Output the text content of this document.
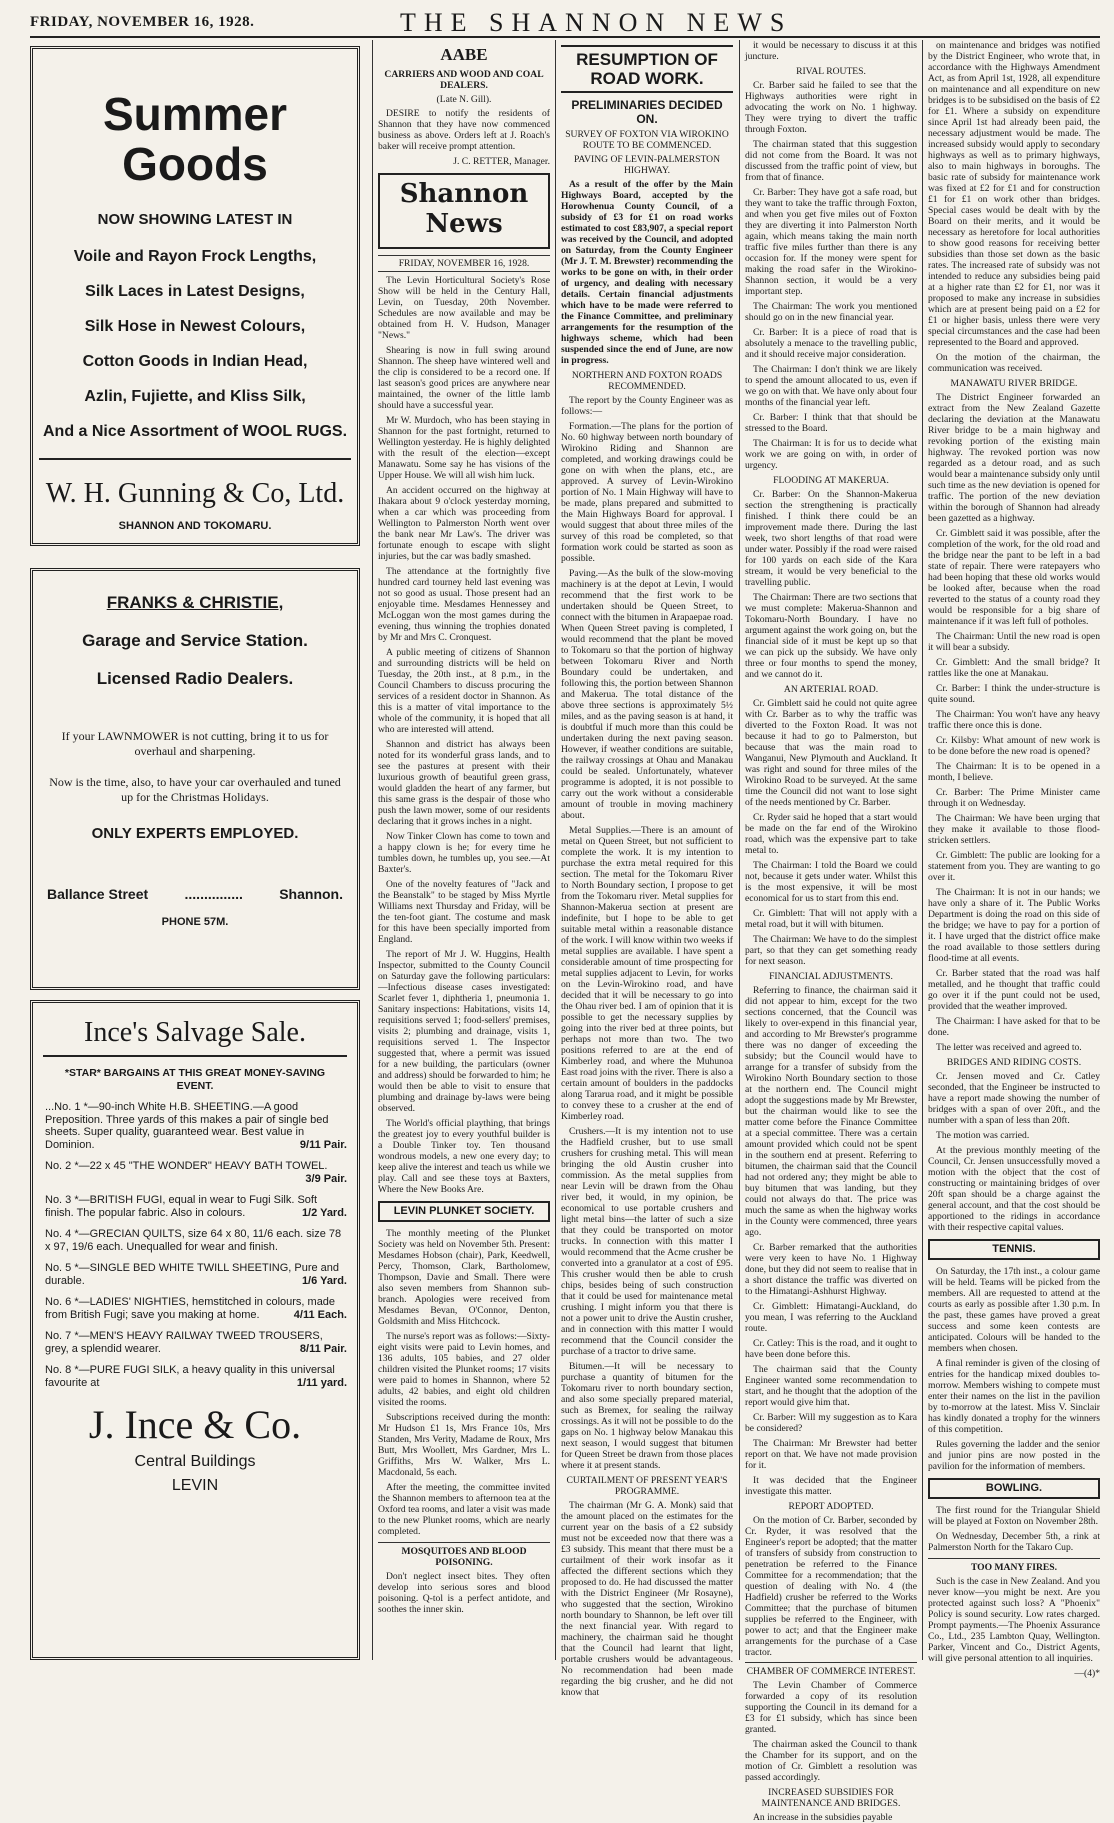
FRIDAY, NOVEMBER 16, 1928.	THE SHANNON NEWS

Summer Goods

NOW SHOWING LATEST IN

Voile and Rayon Frock Lengths,

Silk Laces in Latest Designs,

Silk Hose in Newest Colours,

Cotton Goods in Indian Head,

Azlin, Fujiette, and Kliss Silk,

And a Nice Assortment of WOOL RUGS.

W. H. Gunning & Co, Ltd.

SHANNON AND TOKOMARU.

FRANKS & CHRISTIE,

Garage and Service Station.

Licensed Radio Dealers.

If your LAWNMOWER is not cutting, bring it to us for overhaul and sharpening.

Now is the time, also, to have your car overhauled and tuned up for the Christmas Holidays.

ONLY EXPERTS EMPLOYED.

Ballance Street	...............	Shannon.

PHONE 57M.

Ince's Salvage Sale.

*STAR* BARGAINS AT THIS GREAT MONEY-SAVING EVENT.

...No. 1 *—90-inch White H.B. SHEETING.—A good Preposition. Three yards of this makes a pair of single bed sheets. Super quality, guaranteed wear. Best value in Dominion.	9/11 Pair.
No. 2 *—22 x 45 "THE WONDER" HEAVY BATH TOWEL.
3/9 Pair.
No. 3 *—BRITISH FUGI, equal in wear to Fugi Silk. Soft finish. The popular fabric. Also in colours.	1/2 Yard.
No. 4 *—GRECIAN QUILTS, size 64 x 80, 11/6 each. size 78 x 97, 19/6 each. Unequalled for wear and finish.
No. 5 *—SINGLE BED WHITE TWILL SHEETING, Pure and durable.	1/6 Yard.
No. 6 *—LADIES' NIGHTIES, hemstitched in colours, made from British Fugi; save you making at home.	4/11 Each.
No. 7 *—MEN'S HEAVY RAILWAY TWEED TROUSERS, grey, a splendid wearer.	8/11 Pair.
No. 8 *—PURE FUGI SILK, a heavy quality in this universal favourite at	1/11 yard.

J. Ince & Co.

Central Buildings

LEVIN

AABE

CARRIERS AND WOOD AND COAL DEALERS.

(Late N. Gill).

DESIRE to notify the residents of Shannon that they have now commenced business as above. Orders left at J. Roach's baker will receive prompt attention.

J. C. RETTER, Manager.

Shannon News

FRIDAY, NOVEMBER 16, 1928.

The Levin Horticultural Society's Rose Show will be held in the Century Hall, Levin, on Tuesday, 20th November. Schedules are now available and may be obtained from H. V. Hudson, Manager "News."

Shearing is now in full swing around Shannon. The sheep have wintered well and the clip is considered to be a record one. If last season's good prices are anywhere near maintained, the owner of the little lamb should have a successful year.

Mr W. Murdoch, who has been staying in Shannon for the past fortnight, returned to Wellington yesterday. He is highly delighted with the result of the election—except Manawatu. Some say he has visions of the Upper House. We will all wish him luck.

An accident occurred on the highway at Ihakara about 9 o'clock yesterday morning, when a car which was proceeding from Wellington to Palmerston North went over the bank near Mr Law's. The driver was fortunate enough to escape with slight injuries, but the car was badly smashed.

The attendance at the fortnightly five hundred card tourney held last evening was not so good as usual. Those present had an enjoyable time. Mesdames Hennessey and McLoggan won the most games during the evening, thus winning the trophies donated by Mr and Mrs C. Cronquest.

A public meeting of citizens of Shannon and surrounding districts will be held on Tuesday, the 20th inst., at 8 p.m., in the Council Chambers to discuss procuring the services of a resident doctor in Shannon. As this is a matter of vital importance to the whole of the community, it is hoped that all who are interested will attend.

Shannon and district has always been noted for its wonderful grass lands, and to see the pastures at present with their luxurious growth of beautiful green grass, would gladden the heart of any farmer, but this same grass is the despair of those who push the lawn mower, some of our residents declaring that it grows inches in a night.

Now Tinker Clown has come to town and a happy clown is he; for every time he tumbles down, he tumbles up, you see.—At Baxter's.

One of the novelty features of "Jack and the Beanstalk" to be staged by Miss Myrtle Williams next Thursday and Friday, will be the ten-foot giant. The costume and mask for this have been specially imported from England.

The report of Mr J. W. Huggins, Health Inspector, submitted to the County Council on Saturday gave the following particulars:—Infectious disease cases investigated: Scarlet fever 1, diphtheria 1, pneumonia 1. Sanitary inspections: Habitations, visits 14, requisitions served 1; food-sellers' premises, visits 2; plumbing and drainage, visits 1, requisitions served 1. The Inspector suggested that, where a permit was issued for a new building, the particulars (owner and address) should be forwarded to him; he would then be able to visit to ensure that plumbing and drainage by-laws were being observed.

The World's official plaything, that brings the greatest joy to every youthful builder is a Double Tinker toy. Ten thousand wondrous models, a new one every day; to keep alive the interest and teach us while we play. Call and see these toys at Baxters, Where the New Books Are.

LEVIN PLUNKET SOCIETY.

The monthly meeting of the Plunket Society was held on November 5th. Present: Mesdames Hobson (chair), Park, Keedwell, Percy, Thomson, Clark, Bartholomew, Thompson, Davie and Small. There were also seven members from Shannon sub-branch. Apologies were received from Mesdames Bevan, O'Connor, Denton, Goldsmith and Miss Hitchcock.

The nurse's report was as follows:—Sixty-eight visits were paid to Levin homes, and 136 adults, 105 babies, and 27 older children visited the Plunket rooms; 17 visits were paid to homes in Shannon, where 52 adults, 42 babies, and eight old children visited the rooms.

Subscriptions received during the month: Mr Hudson £1 1s, Mrs France 10s, Mrs Standen, Mrs Verity, Madame de Roux, Mrs Butt, Mrs Woollett, Mrs Gardner, Mrs L. Griffiths, Mrs W. Walker, Mrs L. Macdonald, 5s each.

After the meeting, the committee invited the Shannon members to afternoon tea at the Oxford tea rooms, and later a visit was made to the new Plunket rooms, which are nearly completed.

MOSQUITOES AND BLOOD POISONING.

Don't neglect insect bites. They often develop into serious sores and blood poisoning. Q-tol is a perfect antidote, and soothes the inner skin.

RESUMPTION OF ROAD WORK.

PRELIMINARIES DECIDED ON.

SURVEY OF FOXTON VIA WIROKINO ROUTE TO BE COMMENCED.

PAVING OF LEVIN-PALMERSTON HIGHWAY.

As a result of the offer by the Main Highways Board, accepted by the Horowhenua County Council, of a subsidy of £3 for £1 on road works estimated to cost £83,907, a special report was received by the Council, and adopted on Saturday, from the County Engineer (Mr J. T. M. Brewster) recommending the works to be gone on with, in their order of urgency, and dealing with necessary details. Certain financial adjustments which have to be made were referred to the Finance Committee, and preliminary arrangements for the resumption of the highways scheme, which had been suspended since the end of June, are now in progress.

NORTHERN AND FOXTON ROADS RECOMMENDED.

The report by the County Engineer was as follows:—

Formation.—The plans for the portion of No. 60 highway between north boundary of Wirokino Riding and Shannon are completed, and working drawings could be gone on with when the plans, etc., are approved. A survey of Levin-Wirokino portion of No. 1 Main Highway will have to be made, plans prepared and submitted to the Main Highways Board for approval. I would suggest that about three miles of the survey of this road be completed, so that formation work could be started as soon as possible.

Paving.—As the bulk of the slow-moving machinery is at the depot at Levin, I would recommend that the first work to be undertaken should be Queen Street, to connect with the bitumen in Arapaepae road. When Queen Street paving is completed, I would recommend that the plant be moved to Tokomaru so that the portion of highway between Tokomaru River and North Boundary could be undertaken, and following this, the portion between Shannon and Makerua. The total distance of the above three sections is approximately 5½ miles, and as the paving season is at hand, it is doubtful if much more than this could be undertaken during the next paving season. However, if weather conditions are suitable, the railway crossings at Ohau and Manakau could be sealed. Unfortunately, whatever programme is adopted, it is not possible to carry out the work without a considerable amount of trouble in moving machinery about.

Metal Supplies.—There is an amount of metal on Queen Street, but not sufficient to complete the work. It is my intention to purchase the extra metal required for this section. The metal for the Tokomaru River to North Boundary section, I propose to get from the Tokomaru river. Metal supplies for Shannon-Makerua section at present are indefinite, but I hope to be able to get suitable metal within a reasonable distance of the work. I will know within two weeks if metal supplies are available. I have spent a considerable amount of time prospecting for metal supplies adjacent to Levin, for works on the Levin-Wirokino road, and have decided that it will be necessary to go into the Ohau river bed. I am of opinion that it is possible to get the necessary supplies by going into the river bed at three points, but perhaps not more than two. The two positions referred to are at the end of Kimberley road, and where the Muhunoa East road joins with the river. There is also a certain amount of boulders in the paddocks along Tararua road, and it might be possible to convey these to a crusher at the end of Kimberley road.

Crushers.—It is my intention not to use the Hadfield crusher, but to use small crushers for crushing metal. This will mean bringing the old Austin crusher into commission. As the metal supplies from near Levin will be drawn from the Ohau river bed, it would, in my opinion, be economical to use portable crushers and light metal bins—the latter of such a size that they could be transported on motor trucks. In connection with this matter I would recommend that the Acme crusher be converted into a granulator at a cost of £95. This crusher would then be able to crush chips, besides being of such construction that it could be used for maintenance metal crushing. I might inform you that there is not a power unit to drive the Austin crusher, and in connection with this matter I would recommend that the Council consider the purchase of a tractor to drive same.

Bitumen.—It will be necessary to purchase a quantity of bitumen for the Tokomaru river to north boundary section, and also some specially prepared material, such as Bremex, for sealing the railway crossings. As it will not be possible to do the gaps on No. 1 highway below Manakau this next season, I would suggest that bitumen for Queen Street be drawn from those places where it at present stands.

CURTAILMENT OF PRESENT YEAR'S PROGRAMME.

The chairman (Mr G. A. Monk) said that the amount placed on the estimates for the current year on the basis of a £2 subsidy must not be exceeded now that there was a £3 subsidy. This meant that there must be a curtailment of their work insofar as it affected the different sections which they proposed to do. He had discussed the matter with the District Engineer (Mr Rosayne), who suggested that the section, Wirokino north boundary to Shannon, be left over till the next financial year. With regard to machinery, the chairman said he thought that the Council had learnt that light, portable crushers would be advantageous. No recommendation had been made regarding the big crusher, and he did not know that

it would be necessary to discuss it at this juncture.

RIVAL ROUTES.

Cr. Barber said he failed to see that the Highways authorities were right in advocating the work on No. 1 highway. They were trying to divert the traffic through Foxton.

The chairman stated that this suggestion did not come from the Board. It was not discussed from the traffic point of view, but from that of finance.

Cr. Barber: They have got a safe road, but they want to take the traffic through Foxton, and when you get five miles out of Foxton they are diverting it into Palmerston North again, which means taking the main north traffic five miles further than there is any occasion for. If the money were spent for making the road safer in the Wirokino-Shannon section, it would be a very important step.

The Chairman: The work you mentioned should go on in the new financial year.

Cr. Barber: It is a piece of road that is absolutely a menace to the travelling public, and it should receive major consideration.

The Chairman: I don't think we are likely to spend the amount allocated to us, even if we go on with that. We have only about four months of the financial year left.

Cr. Barber: I think that that should be stressed to the Board.

The Chairman: It is for us to decide what work we are going on with, in order of urgency.

FLOODING AT MAKERUA.

Cr. Barber: On the Shannon-Makerua section the strengthening is practically finished. I think there could be an improvement made there. During the last week, two short lengths of that road were under water. Possibly if the road were raised for 100 yards on each side of the Kara stream, it would be very beneficial to the travelling public.

The Chairman: There are two sections that we must complete: Makerua-Shannon and Tokomaru-North Boundary. I have no argument against the work going on, but the financial side of it must be kept up so that we can pick up the subsidy. We have only three or four months to spend the money, and we cannot do it.

AN ARTERIAL ROAD.

Cr. Gimblett said he could not quite agree with Cr. Barber as to why the traffic was diverted to the Foxton Road. It was not because it had to go to Palmerston, but because that was the main road to Wanganui, New Plymouth and Auckland. It was right and sound for three miles of the Wirokino Road to be surveyed. At the same time the Council did not want to lose sight of the needs mentioned by Cr. Barber.

Cr. Ryder said he hoped that a start would be made on the far end of the Wirokino road, which was the expensive part to take metal to.

The Chairman: I told the Board we could not, because it gets under water. Whilst this is the most expensive, it will be most economical for us to start from this end.

Cr. Gimblett: That will not apply with a metal road, but it will with bitumen.

The Chairman: We have to do the simplest part, so that they can get something ready for next season.

FINANCIAL ADJUSTMENTS.

Referring to finance, the chairman said it did not appear to him, except for the two sections concerned, that the Council was likely to over-expend in this financial year, and according to Mr Brewster's programme there was no danger of exceeding the subsidy; but the Council would have to arrange for a transfer of subsidy from the Wirokino North Boundary section to those at the northern end. The Council might adopt the suggestions made by Mr Brewster, but the chairman would like to see the matter come before the Finance Committee at a special committee. There was a certain amount provided which could not be spent in the southern end at present. Referring to bitumen, the chairman said that the Council had not ordered any; they might be able to buy bitumen that was landing, but they could not always do that. The price was much the same as when the highway works in the County were commenced, three years ago.

Cr. Barber remarked that the authorities were very keen to have No. 1 Highway done, but they did not seem to realise that in a short distance the traffic was diverted on to the Himatangi-Ashhurst Highway.

Cr. Gimblett: Himatangi-Auckland, do you mean, I was referring to the Auckland route.

Cr. Catley: This is the road, and it ought to have been done before this.

The chairman said that the County Engineer wanted some recommendation to start, and he thought that the adoption of the report would give him that.

Cr. Barber: Will my suggestion as to Kara be considered?

The Chairman: Mr Brewster had better report on that. We have not made provision for it.

It was decided that the Engineer investigate this matter.

REPORT ADOPTED.

On the motion of Cr. Barber, seconded by Cr. Ryder, it was resolved that the Engineer's report be adopted; that the matter of transfers of subsidy from construction to penetration be referred to the Finance Committee for a recommendation; that the question of dealing with No. 4 (the Hadfield) crusher be referred to the Works Committee; that the purchase of bitumen supplies be referred to the Engineer, with power to act; and that the Engineer make arrangements for the purchase of a Case tractor.

CHAMBER OF COMMERCE INTEREST.

The Levin Chamber of Commerce forwarded a copy of its resolution supporting the Council in its demand for a £3 for £1 subsidy, which has since been granted.

The chairman asked the Council to thank the Chamber for its support, and on the motion of Cr. Gimblett a resolution was passed accordingly.

INCREASED SUBSIDIES FOR MAINTENANCE AND BRIDGES.

An increase in the subsidies payable

on maintenance and bridges was notified by the District Engineer, who wrote that, in accordance with the Highways Amendment Act, as from April 1st, 1928, all expenditure on maintenance and all expenditure on new bridges is to be subsidised on the basis of £2 for £1. Where a subsidy on expenditure since April 1st had already been paid, the necessary adjustment would be made. The increased subsidy would apply to secondary highways as well as to primary highways, also to main highways in boroughs. The basic rate of subsidy for maintenance work was fixed at £2 for £1 and for construction £1 for £1 on work other than bridges. Special cases would be dealt with by the Board on their merits, and it would be necessary as heretofore for local authorities to show good reasons for receiving better subsidies than those set down as the basic rates. The increased rate of subsidy was not intended to reduce any subsidies being paid at a higher rate than £2 for £1, nor was it proposed to make any increase in subsidies which are at present being paid on a £2 for £1 or higher basis, unless there were very special circumstances and the case had been represented to the Board and approved.

On the motion of the chairman, the communication was received.

MANAWATU RIVER BRIDGE.

The District Engineer forwarded an extract from the New Zealand Gazette declaring the deviation at the Manawatu River bridge to be a main highway and revoking portion of the existing main highway. The revoked portion was now regarded as a detour road, and as such would bear a maintenance subsidy only until such time as the new deviation is opened for traffic. The portion of the new deviation within the borough of Shannon had already been gazetted as a highway.

Cr. Gimblett said it was possible, after the completion of the work, for the old road and the bridge near the pant to be left in a bad state of repair. There were ratepayers who had been hoping that these old works would be looked after, because when the road reverted to the status of a county road they would be responsible for a big share of maintenance if it was left full of potholes.

The Chairman: Until the new road is open it will bear a subsidy.

Cr. Gimblett: And the small bridge? It rattles like the one at Manakau.

Cr. Barber: I think the under-structure is quite sound.

The Chairman: You won't have any heavy traffic there once this is done.

Cr. Kilsby: What amount of new work is to be done before the new road is opened?

The Chairman: It is to be opened in a month, I believe.

Cr. Barber: The Prime Minister came through it on Wednesday.

The Chairman: We have been urging that they make it available to those flood-stricken settlers.

Cr. Gimblett: The public are looking for a statement from you. They are wanting to go over it.

The Chairman: It is not in our hands; we have only a share of it. The Public Works Department is doing the road on this side of the bridge; we have to pay for a portion of it. I have urged that the district office make the road available to those settlers during flood-time at all events.

Cr. Barber stated that the road was half metalled, and he thought that traffic could go over it if the punt could not be used, provided that the weather improved.

The Chairman: I have asked for that to be done.

The letter was received and agreed to.

BRIDGES AND RIDING COSTS.

Cr. Jensen moved and Cr. Catley seconded, that the Engineer be instructed to have a report made showing the number of bridges with a span of over 20ft., and the number with a span of less than 20ft.

The motion was carried.

At the previous monthly meeting of the Council, Cr. Jensen unsuccessfully moved a motion with the object that the cost of constructing or maintaining bridges of over 20ft span should be a charge against the general account, and that the cost should be apportioned to the ridings in accordance with their respective capital values.

TENNIS.

On Saturday, the 17th inst., a colour game will be held. Teams will be picked from the members. All are requested to attend at the courts as early as possible after 1.30 p.m. In the past, these games have proved a great success and some keen contests are anticipated. Colours will be handed to the members when chosen.

A final reminder is given of the closing of entries for the handicap mixed doubles to-morrow. Members wishing to compete must enter their names on the list in the pavilion by to-morrow at the latest. Miss V. Sinclair has kindly donated a trophy for the winners of this competition.

Rules governing the ladder and the senior and junior pins are now posted in the pavilion for the information of members.

BOWLING.

The first round for the Triangular Shield will be played at Foxton on November 28th.

On Wednesday, December 5th, a rink at Palmerston North for the Takaro Cup.

TOO MANY FIRES.

Such is the case in New Zealand. And you never know—you might be next. Are you protected against such loss? A "Phoenix" Policy is sound security. Low rates charged. Prompt payments.—The Phoenix Assurance Co., Ltd., 235 Lambton Quay, Wellington. Parker, Vincent and Co., District Agents, will give personal attention to all inquiries.

—(4)*
